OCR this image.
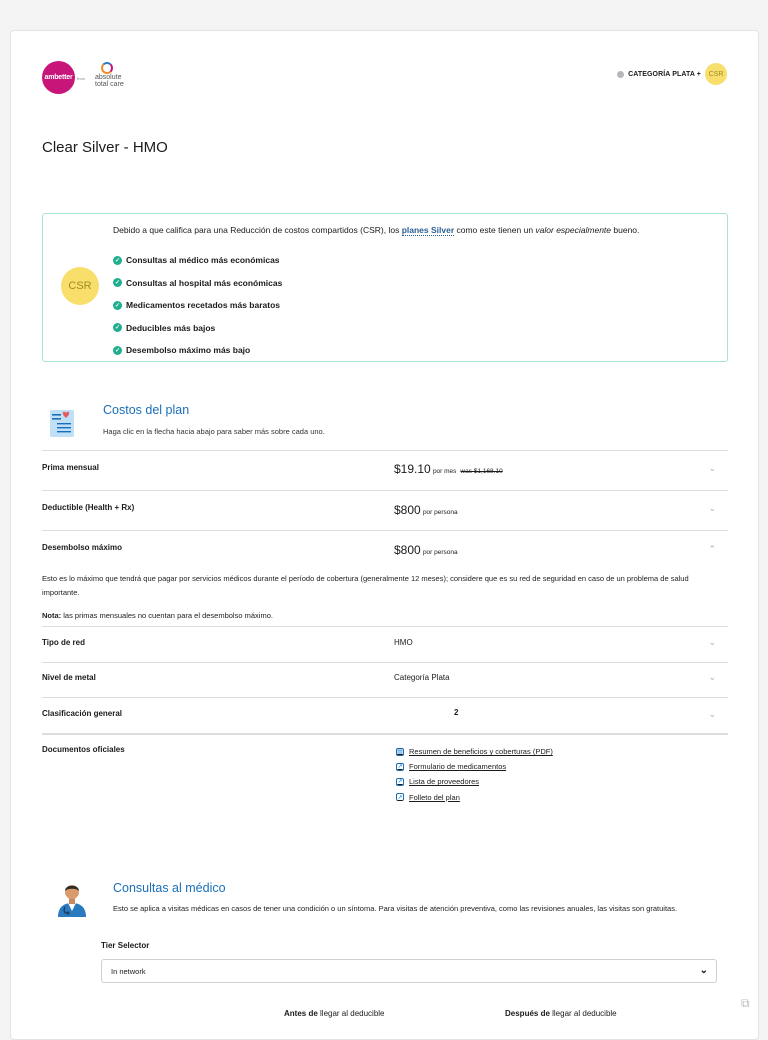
ambetter from absolute
total care
CATEGORÍA PLATA +	CSR
Clear Silver - HMO
CSR
Debido a que califica para una Reducción de costos compartidos (CSR), los planes Silver como este tienen un valor especialmente bueno.
✓ Consultas al médico más económicas
✓ Consultas al hospital más económicas
✓ Medicamentos recetados más baratos
✓ Deducibles más bajos
✓ Desembolso máximo más bajo
Costos del plan
Haga clic en la flecha hacia abajo para saber más sobre cada uno.
Prima mensual	$19.10 por mes was $1,168.10	⌄
Deductible (Health + Rx)	$800 por persona	⌄
Desembolso máximo	$800 por persona	⌃
Esto es lo máximo que tendrá que pagar por servicios médicos durante el período de cobertura (generalmente 12 meses); considere que es su red de seguridad en caso de un problema de salud importante.
Nota: las primas mensuales no cuentan para el desembolso máximo.
Tipo de red	HMO	⌄
Nivel de metal	Categoría Plata	⌄
Clasificación general	2	⌄
Documentos oficiales	▤ Resumen de beneficios y coberturas (PDF)
↗ Formulario de medicamentos
↗ Lista de proveedores
↗ Folleto del plan
Consultas al médico
Esto se aplica a visitas médicas en casos de tener una condición o un síntoma. Para visitas de atención preventiva, como las revisiones anuales, las visitas son gratuitas.
Tier Selector
In network	⌄
Antes de llegar al deducible	Después de llegar al deducible
⧉
